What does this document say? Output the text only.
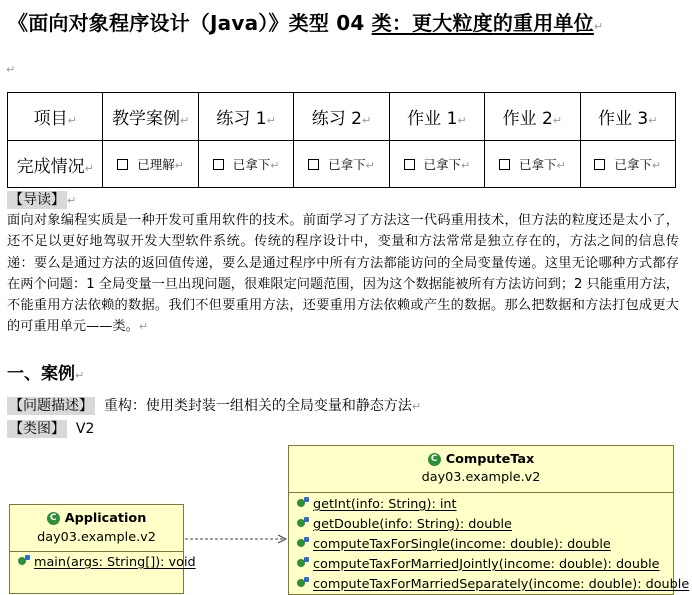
《面向对象程序设计（Java）》类型 04 类：更大粒度的重用单位↵
↵
项目↵	教学案例↵	练习 1↵	练习 2↵	作业 1↵	作业 2↵	作业 3↵
完成情况↵	已理解↵	已拿下↵	已拿下↵	已拿下↵	已拿下↵	已拿下↵
【导读】 ↵

面向对象编程实质是一种开发可重用软件的技术。前面学习了方法这一代码重用技术，但方法的粒度还是太小了，还不足以更好地驾驭开发大型软件系统。传统的程序设计中，变量和方法常常是独立存在的，方法之间的信息传递：要么是通过方法的返回值传递，要么是通过程序中所有方法都能访问的全局变量传递。这里无论哪种方式都存在两个问题：1 全局变量一旦出现问题，很难限定问题范围，因为这个数据能被所有方法访问到；2 只能重用方法，不能重用方法依赖的数据。我们不但要重用方法，还要重用方法依赖或产生的数据。那么把数据和方法打包成更大的可重用单元——类。↵

一、案例↵
【问题描述】 重构：使用类封装一组相关的全局变量和静态方法↵
【类图】 V2
C ComputeTax
day03.example.v2
getInt(info: String): int
getDouble(info: String): double
computeTaxForSingle(income: double): double
computeTaxForMarriedJointly(income: double): double
computeTaxForMarriedSeparately(income: double): double
C Application
day03.example.v2
main(args: String[]): void
